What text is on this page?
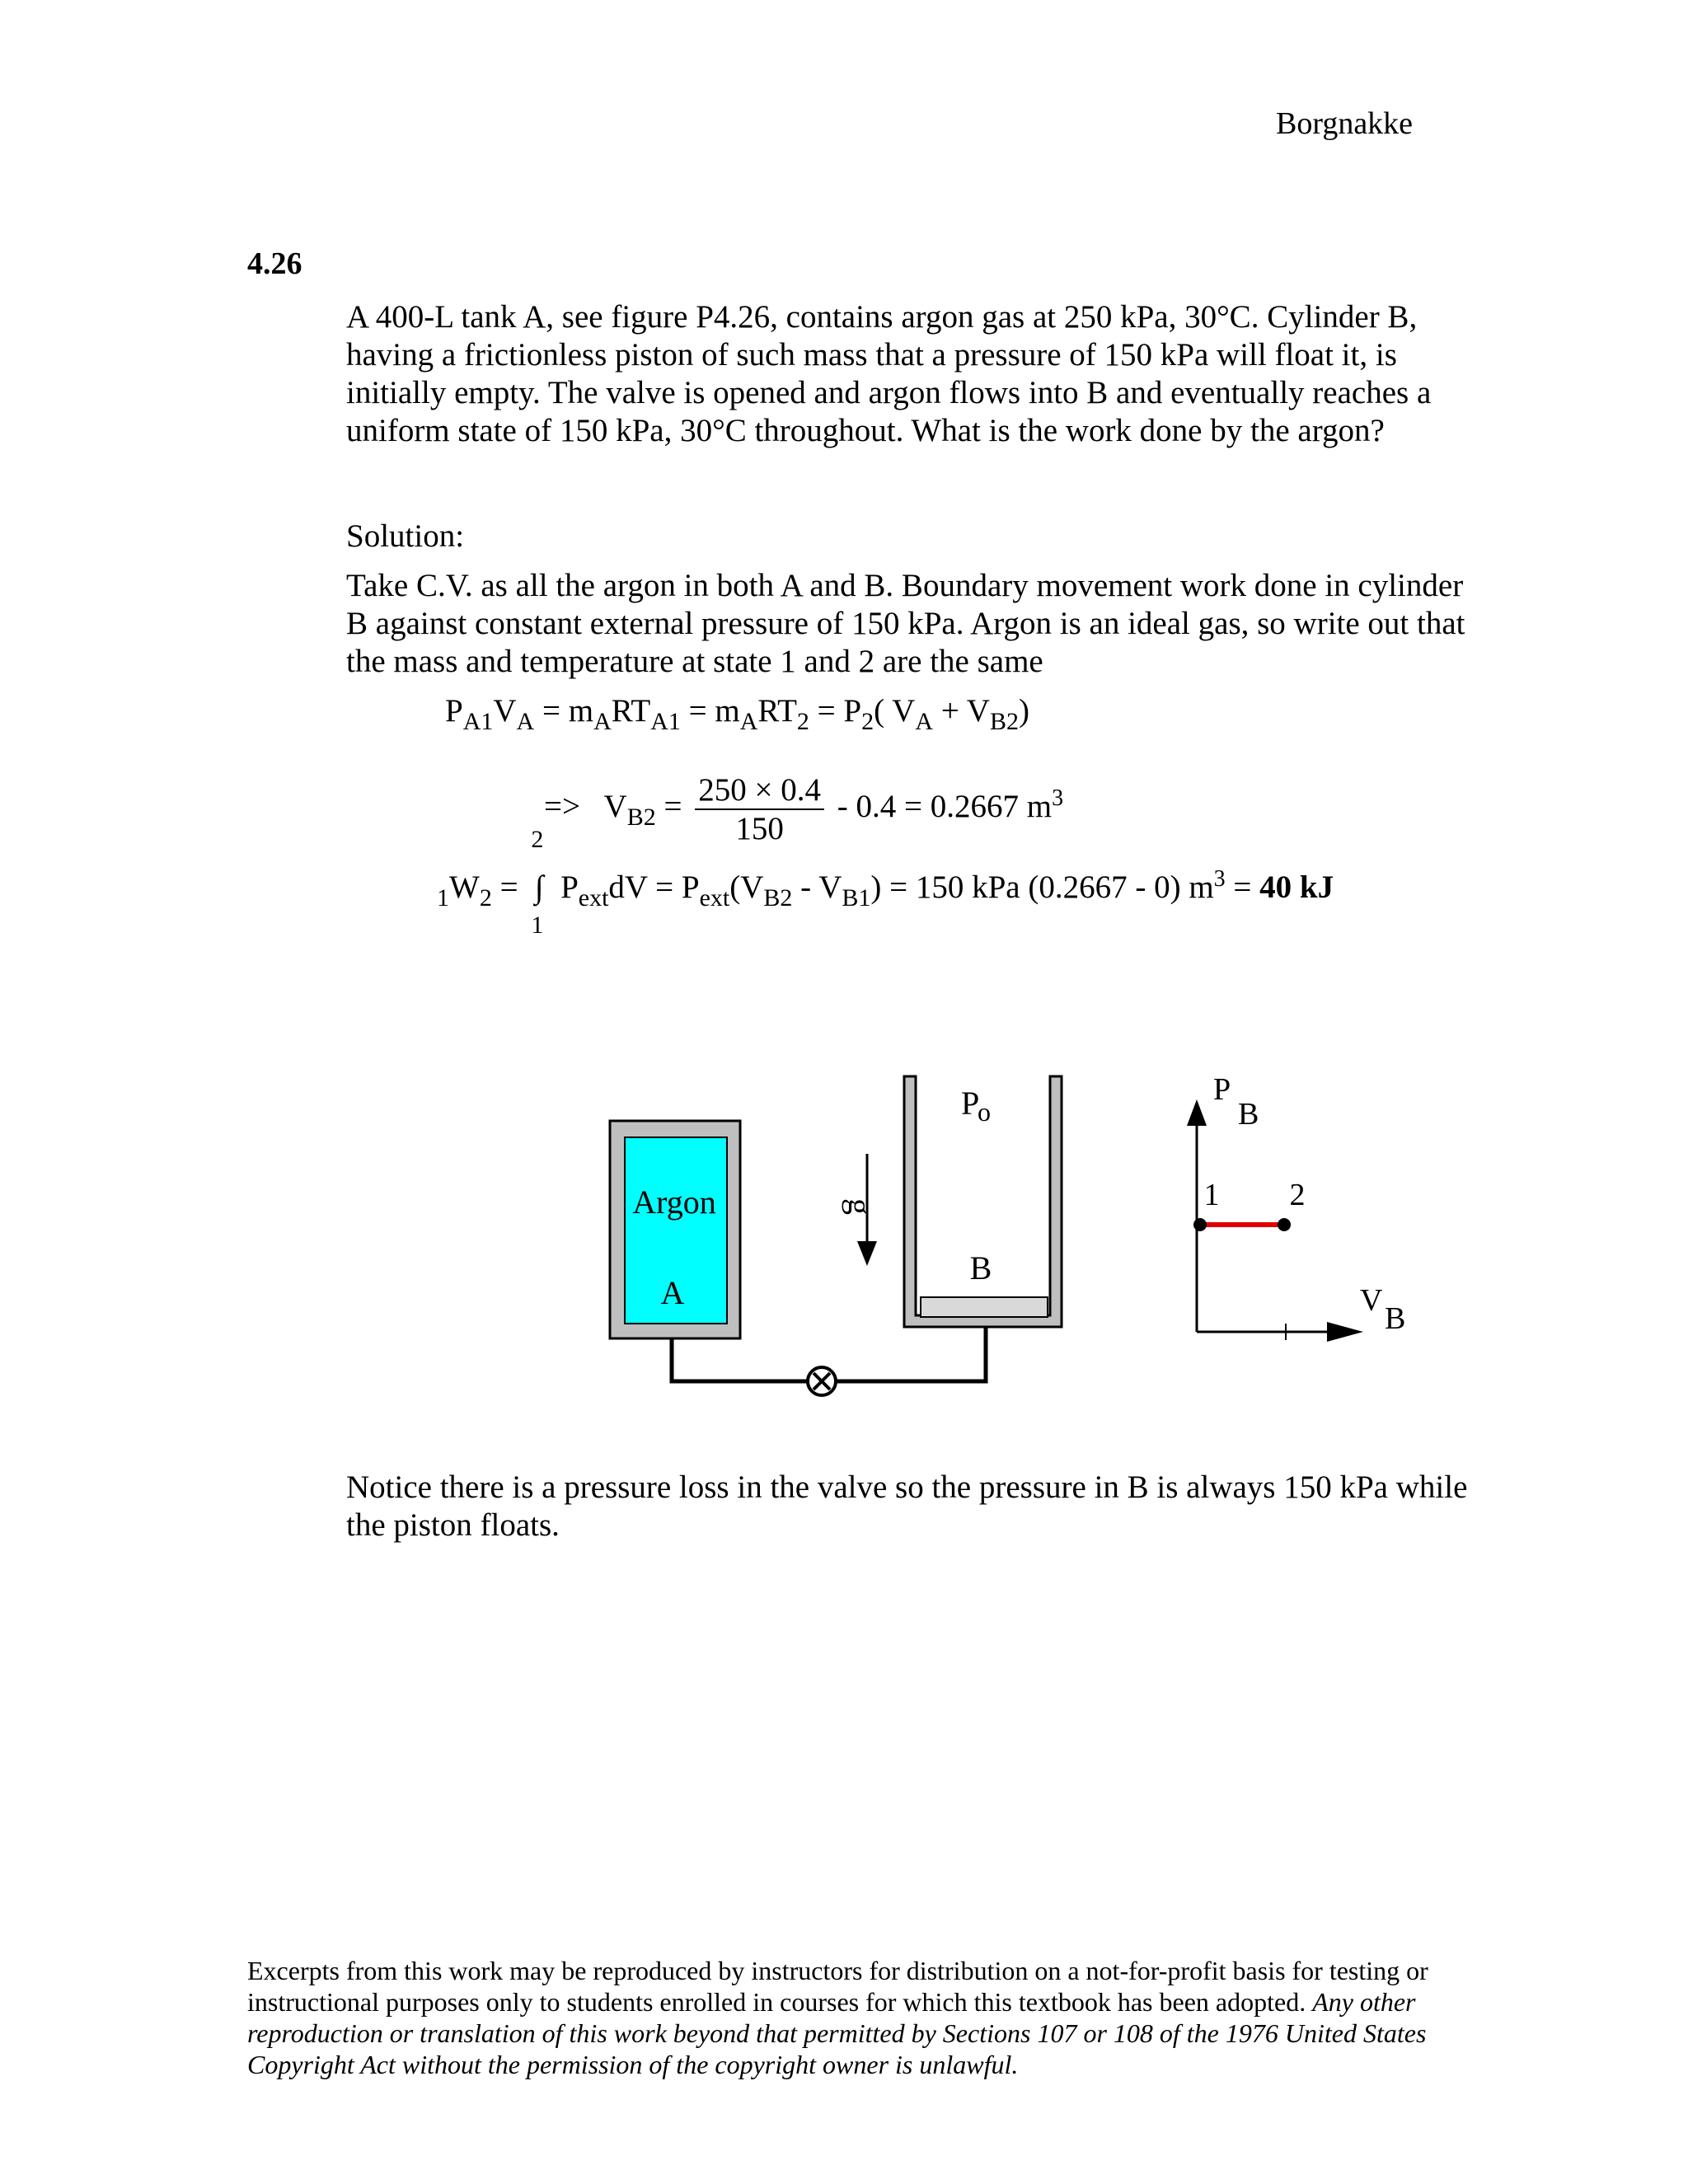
Borgnakke
4.26
A 400-L tank A, see figure P4.26, contains argon gas at 250 kPa, 30°C. Cylinder B, having a frictionless piston of such mass that a pressure of 150 kPa will float it, is initially empty. The valve is opened and argon flows into B and eventually reaches a uniform state of 150 kPa, 30°C throughout. What is the work done by the argon?
Solution:
Take C.V. as all the argon in both A and B. Boundary movement work done in cylinder B against constant external pressure of 150 kPa. Argon is an ideal gas, so write out that the mass and temperature at state 1 and 2 are the same
$P_{A1}V_A = m_ART_{A1} = m_ART_2 = P_2$( $V_A + V_{B2}$)
=>   $V_{B2} = \frac{250 \times 0.4}{150} - 0.4 = 0.2667$ $m^3$
$_1W_2$ =
2
∫
1
$P_{ext}dV = P_{ext}(V_{B2} - V_{B1}) = 150$ kPa (0.2667 - 0) $m^3 = 40$ kJ
Argon
A
g
P
o
B
P
B
V
B
1 2
Notice there is a pressure loss in the valve so the pressure in B is always 150 kPa while the piston floats.
Excerpts from this work may be reproduced by instructors for distribution on a not-for-profit basis for testing or instructional purposes only to students enrolled in courses for which this textbook has been adopted. Any other reproduction or translation of this work beyond that permitted by Sections 107 or 108 of the 1976 United States Copyright Act without the permission of the copyright owner is unlawful.
